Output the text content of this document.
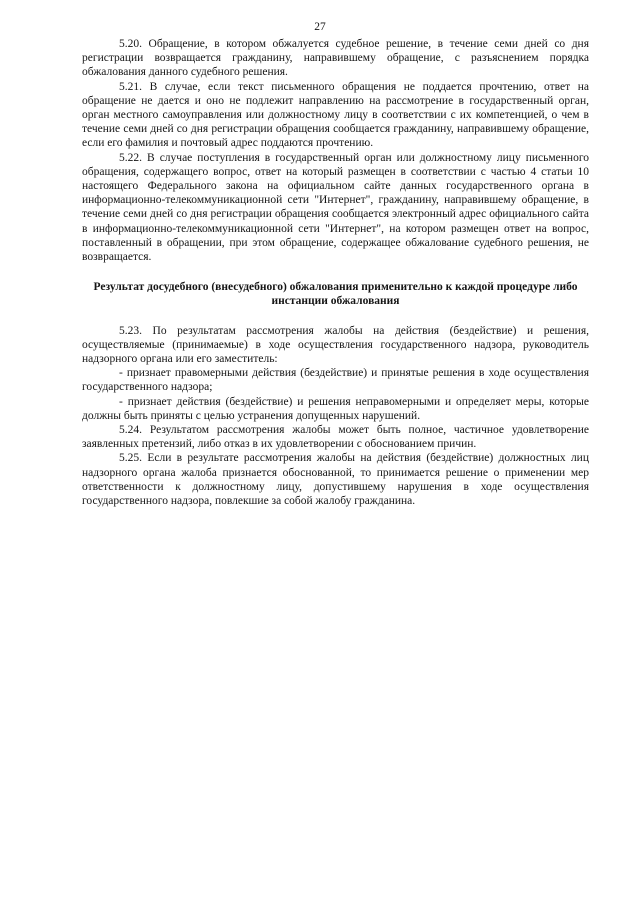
27

5.20. Обращение, в котором обжалуется судебное решение, в течение семи дней со дня регистрации возвращается гражданину, направившему обращение, с разъяснением порядка обжалования данного судебного решения.

5.21. В случае, если текст письменного обращения не поддается прочтению, ответ на обращение не дается и оно не подлежит направлению на рассмотрение в государственный орган, орган местного самоуправления или должностному лицу в соответствии с их компетенцией, о чем в течение семи дней со дня регистрации обращения сообщается гражданину, направившему обращение, если его фамилия и почтовый адрес поддаются прочтению.

5.22. В случае поступления в государственный орган или должностному лицу письменного обращения, содержащего вопрос, ответ на который размещен в соответствии с частью 4 статьи 10 настоящего Федерального закона на официальном сайте данных государственного органа в информационно-телекоммуникационной сети "Интернет", гражданину, направившему обращение, в течение семи дней со дня регистрации обращения сообщается электронный адрес официального сайта в информационно-телекоммуникационной сети "Интернет", на котором размещен ответ на вопрос, поставленный в обращении, при этом обращение, содержащее обжалование судебного решения, не возвращается.

Результат досудебного (внесудебного) обжалования применительно к каждой процедуре либо инстанции обжалования

5.23. По результатам рассмотрения жалобы на действия (бездействие) и решения, осуществляемые (принимаемые) в ходе осуществления государственного надзора, руководитель надзорного органа или его заместитель:

- признает правомерными действия (бездействие) и принятые решения в ходе осуществления государственного надзора;

- признает действия (бездействие) и решения неправомерными и определяет меры, которые должны быть приняты с целью устранения допущенных нарушений.

5.24. Результатом рассмотрения жалобы может быть полное, частичное удовлетворение заявленных претензий, либо отказ в их удовлетворении с обоснованием причин.

5.25. Если в результате рассмотрения жалобы на действия (бездействие) должностных лиц надзорного органа жалоба признается обоснованной, то принимается решение о применении мер ответственности к должностному лицу, допустившему нарушения в ходе осуществления государственного надзора, повлекшие за собой жалобу гражданина.
